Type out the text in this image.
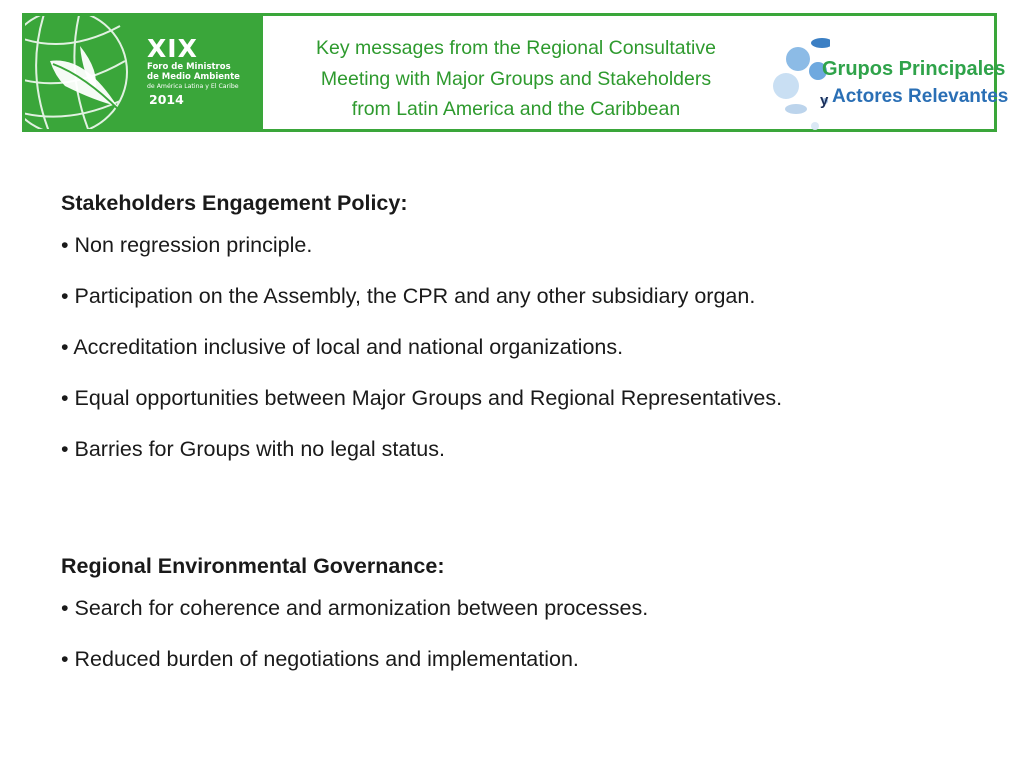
XIX
Foro de Ministros
de Medio Ambiente
de América Latina y El Caribe
2014
Key messages from the Regional Consultative
Meeting with Major Groups and Stakeholders
from Latin America and the Caribbean
Grupos Principales
y Actores Relevantes
Stakeholders Engagement Policy:
• Non regression principle.
• Participation on the Assembly, the CPR and any other subsidiary organ.
• Accreditation inclusive of local and national organizations.
• Equal opportunities between Major Groups and Regional Representatives.
• Barries for Groups with no legal status.
Regional Environmental Governance:
• Search for coherence and armonization between processes.
• Reduced burden of negotiations and implementation.
